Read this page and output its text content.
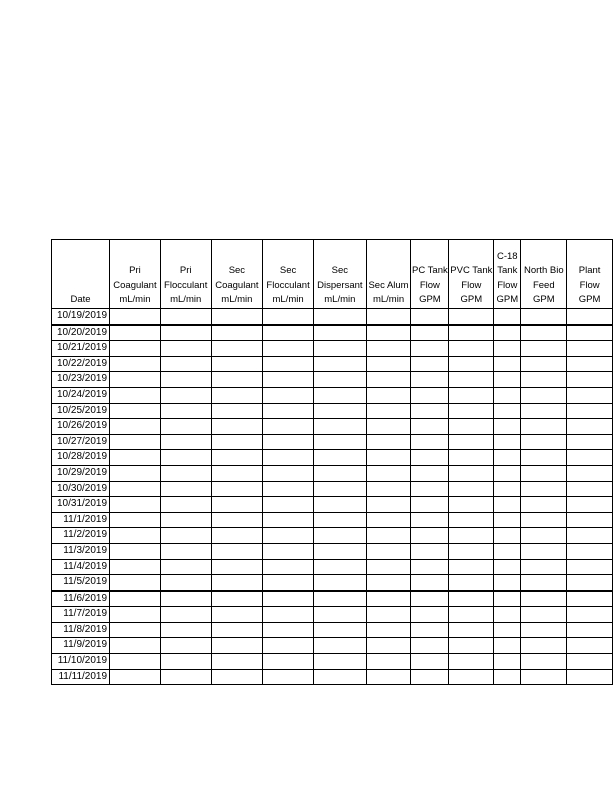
Date	Pri
Coagulant
mL/min	Pri
Flocculant
mL/min	Sec
Coagulant
mL/min	Sec
Flocculant
mL/min	Sec
Dispersant
mL/min	Sec Alum
mL/min	PC Tank
Flow
GPM	PVC Tank
Flow
GPM	C-18
Tank
Flow
GPM	North Bio
Feed
GPM	Plant
Flow
GPM
10/19/2019											
10/20/2019											
10/21/2019											
10/22/2019											
10/23/2019											
10/24/2019											
10/25/2019											
10/26/2019											
10/27/2019											
10/28/2019											
10/29/2019											
10/30/2019											
10/31/2019											
11/1/2019											
11/2/2019											
11/3/2019											
11/4/2019											
11/5/2019											
11/6/2019											
11/7/2019											
11/8/2019											
11/9/2019											
11/10/2019											
11/11/2019											
